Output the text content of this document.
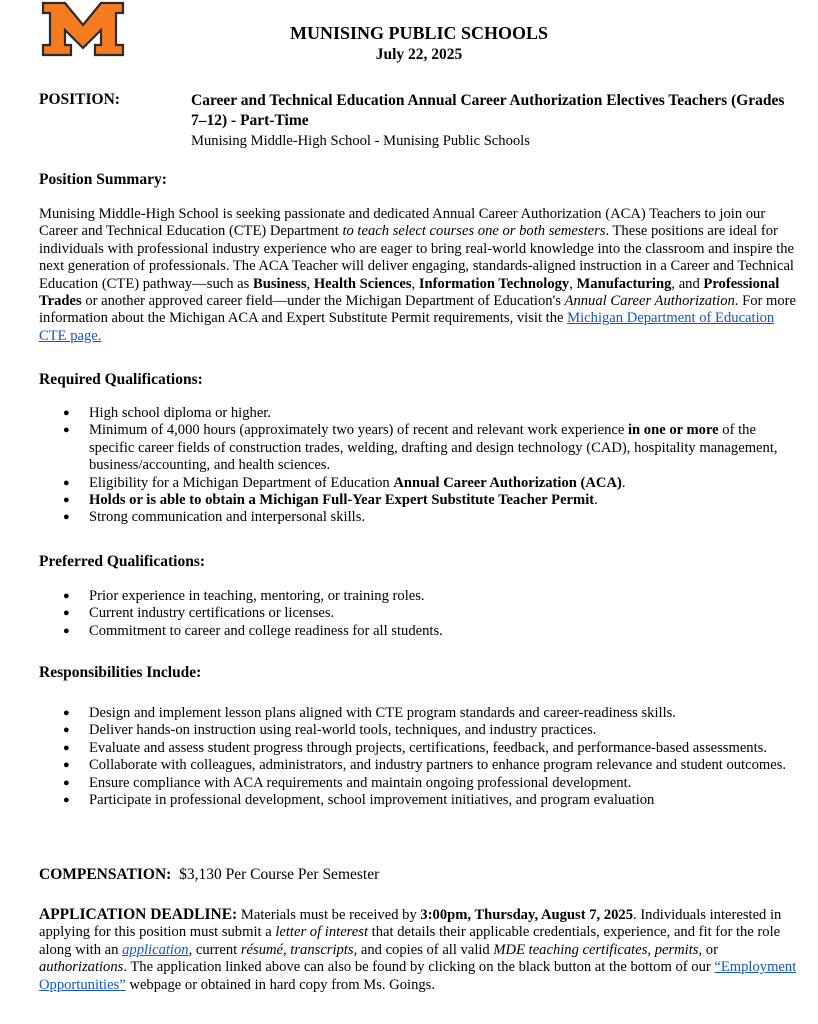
MUNISING PUBLIC SCHOOLS
July 22, 2025
POSITION:	Career and Technical Education Annual Career Authorization Electives Teachers (Grades 7–12) - Part-Time
Munising Middle-High School - Munising Public Schools
Position Summary:

Munising Middle-High School is seeking passionate and dedicated Annual Career Authorization (ACA) Teachers to join our Career and Technical Education (CTE) Department to teach select courses one or both semesters. These positions are ideal for individuals with professional industry experience who are eager to bring real-world knowledge into the classroom and inspire the next generation of professionals. The ACA Teacher will deliver engaging, standards-aligned instruction in a Career and Technical Education (CTE) pathway—such as Business, Health Sciences, Information Technology, Manufacturing, and Professional Trades or another approved career field—under the Michigan Department of Education's Annual Career Authorization. For more information about the Michigan ACA and Expert Substitute Permit requirements, visit the Michigan Department of Education CTE page.

Required Qualifications:
● High school diploma or higher.
● Minimum of 4,000 hours (approximately two years) of recent and relevant work experience in one or more of the specific career fields of construction trades, welding, drafting and design technology (CAD), hospitality management, business/accounting, and health sciences.
● Eligibility for a Michigan Department of Education Annual Career Authorization (ACA).
● Holds or is able to obtain a Michigan Full-Year Expert Substitute Teacher Permit.
● Strong communication and interpersonal skills.
Preferred Qualifications:
● Prior experience in teaching, mentoring, or training roles.
● Current industry certifications or licenses.
● Commitment to career and college readiness for all students.
Responsibilities Include:
● Design and implement lesson plans aligned with CTE program standards and career-readiness skills.
● Deliver hands-on instruction using real-world tools, techniques, and industry practices.
● Evaluate and assess student progress through projects, certifications, feedback, and performance-based assessments.
● Collaborate with colleagues, administrators, and industry partners to enhance program relevance and student outcomes.
● Ensure compliance with ACA requirements and maintain ongoing professional development.
● Participate in professional development, school improvement initiatives, and program evaluation
COMPENSATION: $3,130 Per Course Per Semester

APPLICATION DEADLINE: Materials must be received by 3:00pm, Thursday, August 7, 2025. Individuals interested in applying for this position must submit a letter of interest that details their applicable credentials, experience, and fit for the role along with an application, current résumé, transcripts, and copies of all valid MDE teaching certificates, permits, or authorizations. The application linked above can also be found by clicking on the black button at the bottom of our “Employment Opportunities” webpage or obtained in hard copy from Ms. Goings.
